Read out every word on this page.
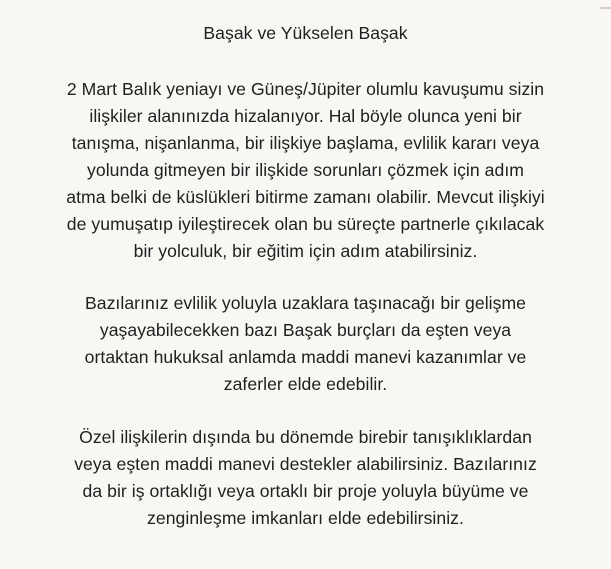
Başak ve Yükselen Başak
2 Mart Balık yeniayı ve Güneş/Jüpiter olumlu kavuşumu sizin
ilişkiler alanınızda hizalanıyor. Hal böyle olunca yeni bir
tanışma, nişanlanma, bir ilişkiye başlama, evlilik kararı veya
yolunda gitmeyen bir ilişkide sorunları çözmek için adım
atma belki de küslükleri bitirme zamanı olabilir. Mevcut ilişkiyi
de yumuşatıp iyileştirecek olan bu süreçte partnerle çıkılacak
bir yolculuk, bir eğitim için adım atabilirsiniz.
Bazılarınız evlilik yoluyla uzaklara taşınacağı bir gelişme
yaşayabilecekken bazı Başak burçları da eşten veya
ortaktan hukuksal anlamda maddi manevi kazanımlar ve
zaferler elde edebilir.
Özel ilişkilerin dışında bu dönemde birebir tanışıklıklardan
veya eşten maddi manevi destekler alabilirsiniz. Bazılarınız
da bir iş ortaklığı veya ortaklı bir proje yoluyla büyüme ve
zenginleşme imkanları elde edebilirsiniz.
